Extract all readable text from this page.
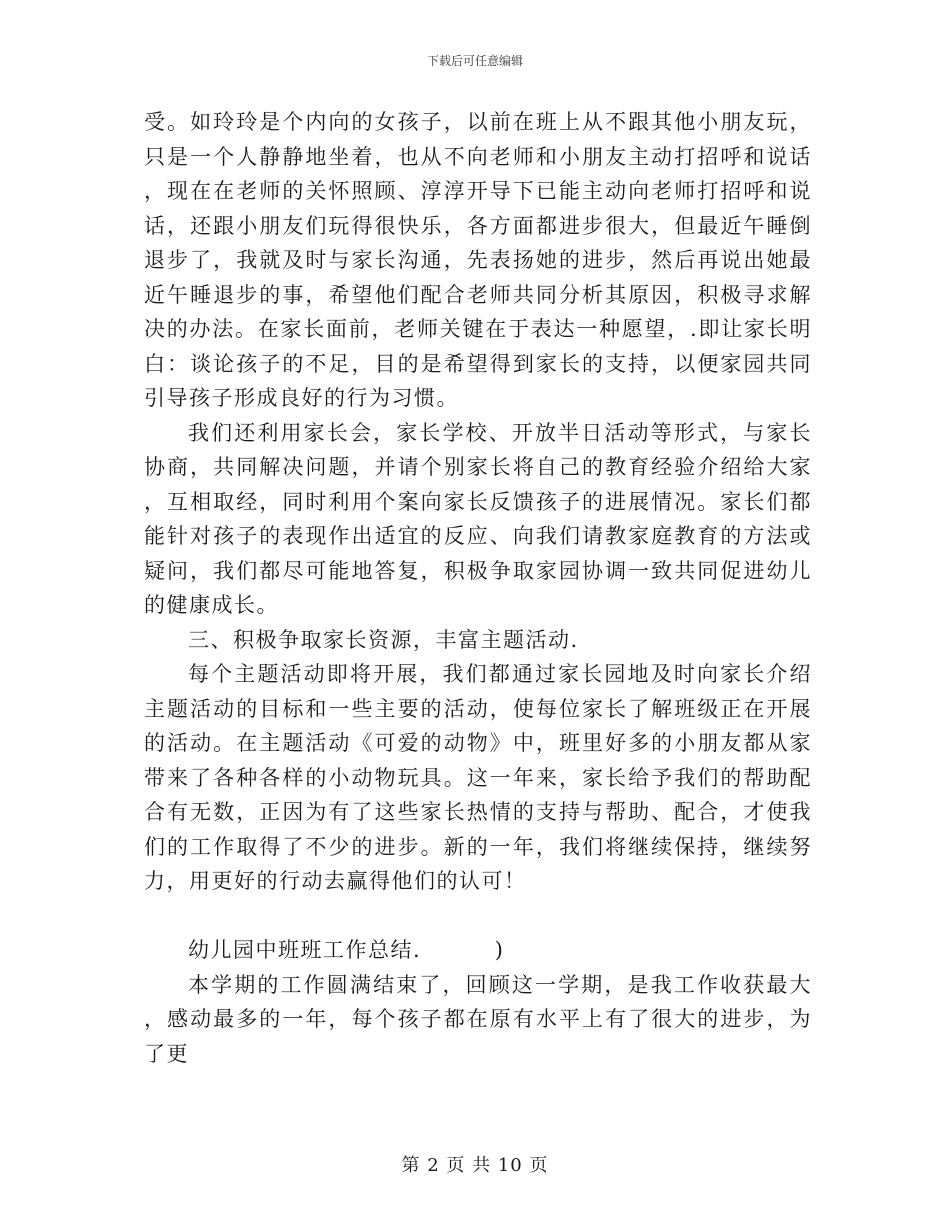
下载后可任意编辑

受。如玲玲是个内向的女孩子，以前在班上从不跟其他小朋友玩，只是一个人静静地坐着，也从不向老师和小朋友主动打招呼和说话，现在在老师的关怀照顾、淳淳开导下已能主动向老师打招呼和说话，还跟小朋友们玩得很快乐，各方面都进步很大，但最近午睡倒退步了，我就及时与家长沟通，先表扬她的进步，然后再说出她最近午睡退步的事，希望他们配合老师共同分析其原因，积极寻求解决的办法。在家长面前，老师关键在于表达一种愿望，.即让家长明白：谈论孩子的不足，目的是希望得到家长的支持，以便家园共同引导孩子形成良好的行为习惯。

我们还利用家长会，家长学校、开放半日活动等形式，与家长协商，共同解决问题，并请个别家长将自己的教育经验介绍给大家，互相取经，同时利用个案向家长反馈孩子的进展情况。家长们都能针对孩子的表现作出适宜的反应、向我们请教家庭教育的方法或疑问，我们都尽可能地答复，积极争取家园协调一致共同促进幼儿的健康成长。

三、积极争取家长资源，丰富主题活动.

每个主题活动即将开展，我们都通过家长园地及时向家长介绍主题活动的目标和一些主要的活动，使每位家长了解班级正在开展的活动。在主题活动《可爱的动物》中，班里好多的小朋友都从家带来了各种各样的小动物玩具。这一年来，家长给予我们的帮助配合有无数，正因为有了这些家长热情的支持与帮助、配合，才使我们的工作取得了不少的进步。新的一年，我们将继续保持，继续努力，用更好的行动去赢得他们的认可！

幼儿园中班班工作总结.         )

本学期的工作圆满结束了，回顾这一学期，是我工作收获最大，感动最多的一年，每个孩子都在原有水平上有了很大的进步，为了更

第 2 页 共 10 页
